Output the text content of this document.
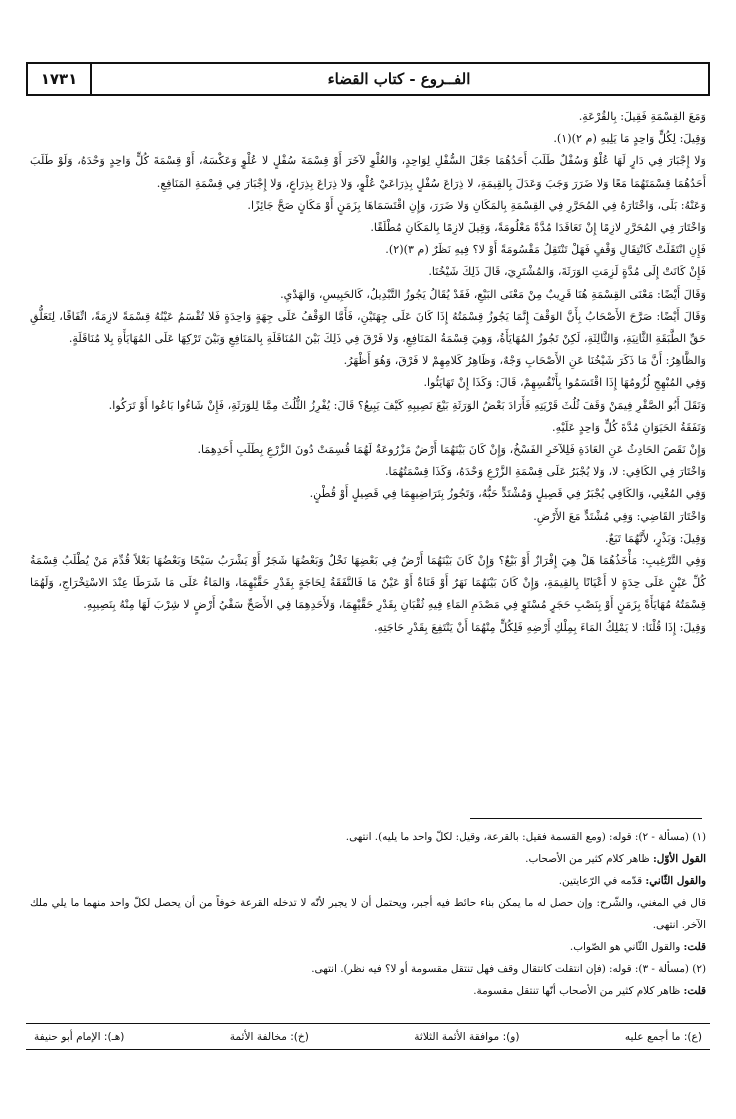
١٧٣١	الفــروع - كتاب القضاء

وَمَعَ القِسْمَةِ فَقِيلَ: بِالقُرْعَةِ.

وَقِيلَ: لِكُلٍّ وَاحِدٍ مَا يَلِيهِ (م ٢)(١).

وَلا إِجْبَارَ فِي دَارٍ لَهَا عُلْوٌ وَسُفْلٌ طَلَبَ أَحَدُهُمَا جَعْلَ السُّفْلِ لِوَاحِدٍ، وَالعُلْوِ لآخَرَ أَوْ قِسْمَةَ سُفْلٍ لا عُلْوٍ وَعَكْسَهُ، أَوْ قِسْمَةَ كُلٍّ وَاحِدٍ وَحْدَهُ، وَلَوْ طَلَبَ أَحَدُهُمَا قِسْمَتَهُمَا مَعًا وَلا ضَرَرَ وَجَبَ وَعَدَلَ بِالقِيمَةِ، لا ذِرَاعَ سُفْلٍ بِذِرَاعَيْ عُلْوٍ، وَلا ذِرَاعَ بِذِرَاعٍ، وَلا إِجْبَارَ فِي قِسْمَةِ المَنَافِعِ.

وَعَنْهُ: بَلَى، وَاخْتَارَهُ فِي المُحَرَّرِ فِي القِسْمَةِ بِالمَكَانِ وَلا ضَرَرَ، وَإِنِ اقْتَسَمَاهَا بِزَمَنٍ أَوْ مَكَانٍ صَحَّ جَائِزًا.

وَاخْتَارَ فِي المُحَرَّرِ لازِمًا إِنْ تَعَاقَدَا مُدَّةً مَعْلُومَةً، وَقِيلَ لازِمًا بِالمَكَانِ مُطْلَقًا.

فَإِنِ انْتَقَلَتْ كَانْتِقَالِ وَقْفٍ فَهَلْ تَنْتَقِلُ مَقْسُومَةً أَوْ لا؟ فِيهِ نَظَرٌ (م ٣)(٢).

فَإِنْ كَانَتْ إِلَى مُدَّةٍ لَزِمَتِ الوَرَثَةَ، وَالمُشْتَرِيَ، قَالَ ذَلِكَ شَيْخُنَا.

وَقَالَ أَيْضًا: مَعْنَى القِسْمَةِ هُنَا قَرِيبٌ مِنْ مَعْنَى البَيْعِ، فَقَدْ يُقَالُ يَجُوزُ التَّبْدِيلُ، كَالحَبِيسِ، وَالهَدْيِ.

وَقَالَ أَيْضًا: صَرَّحَ الأَصْحَابُ بِأَنَّ الوَقْفَ إِنَّمَا يَجُوزُ قِسْمَتُهُ إِذَا كَانَ عَلَى جِهَتَيْنِ، فَأَمَّا الوَقْفُ عَلَى جِهَةٍ وَاحِدَةٍ فَلا تُقْسَمُ عَيْنُهُ قِسْمَةً لازِمَةً، اتِّفَاقًا، لِتَعَلُّقِ حَقِّ الطَّبَقَةِ الثَّانِيَةِ، وَالثَّالِثَةِ، لَكِنْ تَجُوزُ المُهَايَأَةُ، وَهِيَ قِسْمَةُ المَنَافِعِ، وَلا فَرْقَ فِي ذَلِكَ بَيْنَ المُنَاقَلَةِ بِالمَنَافِعِ وَبَيْنَ تَرْكِهَا عَلَى المُهَايَأَةِ بِلا مُنَاقَلَةٍ.

وَالظَّاهِرُ: أَنَّ مَا ذَكَرَ شَيْخُنَا عَنِ الأَصْحَابِ وَجْهٌ، وَظَاهِرُ كَلامِهِمْ لا فَرْقَ، وَهُوَ أَظْهَرُ.

وَفِي المُبْهِجِ لُزُومُهَا إِذَا اقْتَسَمُوا بِأَنْفُسِهِمْ، قَالَ: وَكَذَا إِنْ تَهَايَئُوا.

وَنَقَلَ أَبُو الصَّقْرِ فِيمَنْ وَقَفَ ثُلُثَ قَرْيَتِهِ فَأَرَادَ بَعْضُ الوَرَثَةِ بَيْعَ نَصِيبِهِ كَيْفَ يَبِيعُ؟ قَالَ: يُفْرِزُ الثُّلُثَ مِمَّا لِلوَرَثَةِ، فَإِنْ شَاءُوا بَاعُوا أَوْ تَرَكُوا.

وَنَفَقَةُ الحَيَوَانِ مُدَّةَ كُلٍّ وَاحِدٍ عَلَيْهِ.

وَإِنْ نَقَصَ الحَادِثُ عَنِ العَادَةِ فَلِلآخَرِ الفَسْخُ، وَإِنْ كَانَ بَيْنَهُمَا أَرْضٌ مَزْرُوعَةٌ لَهُمَا قُسِمَتْ دُونَ الزَّرْعِ بِطَلَبِ أَحَدِهِمَا.

وَاخْتَارَ فِي الكَافِي: لا، وَلا يُجْبَرُ عَلَى قِسْمَةِ الزَّرْعِ وَحْدَهُ، وَكَذَا قِسْمَتُهُمَا.

وَفِي المُغْنِي، وَالكَافِي يُجْبَرُ فِي قَصِيلٍ وَمُشْتَدٍّ حَبُّهُ، وَتَجُوزُ بِتَرَاضِيهِمَا فِي قَصِيلٍ أَوْ قُطْنٍ.

وَاخْتَارَ القَاضِي: وَفِي مُشْتَدٍّ مَعَ الأَرْضِ.

وَقِيلَ: وَبَذْرٍ، لأَنَّهُمَا تَبَعٌ.

وَفِي التَّرْغِيبِ: مَأْخَذُهُمَا هَلْ هِيَ إِفْرَازٌ أَوْ بَيْعٌ؟ وَإِنْ كَانَ بَيْنَهُمَا أَرْضٌ فِي بَعْضِهَا نَخْلٌ وَبَعْضُهَا شَجَرٌ أَوْ يَشْرَبُ سَيْحًا وَبَعْضُهَا بَعْلاً قُدِّمَ مَنْ يُطْلَبُ قِسْمَةُ كُلِّ عَيْنٍ عَلَى حِدَةٍ لا أَعْيَانًا بِالقِيمَةِ، وَإِنْ كَانَ بَيْنَهُمَا نَهَرٌ أَوْ قَنَاةٌ أَوْ عَيْنٌ مَا فَالنَّفَقَةُ لِحَاجَةٍ بِقَدْرِ حَقَّيْهِمَا، وَالمَاءُ عَلَى مَا شَرَطَا عِنْدَ الاسْتِخْرَاجِ، وَلَهُمَا قِسْمَتُهُ مُهَايَأَةً بِزَمَنٍ أَوْ بِنَصْبِ حَجَرٍ مُسْتَوٍ فِي مَصْدَمِ المَاءِ فِيهِ ثُقْبَانِ بِقَدْرِ حَقَّيْهِمَا، وَلأَحَدِهِمَا فِي الأَصَحِّ سَقْيُ أَرْضٍ لا شِرْبَ لَهَا مِنْهُ بِنَصِيبِهِ.

وَقِيلَ: إِذَا قُلْنَا: لا يَمْلِكُ المَاءَ بِمِلْكِ أَرْضِهِ فَلِكُلٍّ مِنْهُمَا أَنْ يَنْتَفِعَ بِقَدْرِ حَاجَتِهِ.

(١) (مسألة - ٢): قوله: (ومع القسمة فقيل: بالقرعة، وقيل: لكلّ واحد ما يليه). انتهى.

القول الأوّل: ظاهر كلام كثير من الأصحاب.

والقول الثّاني: قدّمه في الرّعايتين.

قال في المغني، والشّرح: وإن حصل له ما يمكن بناء حائط فيه أجبر، ويحتمل أن لا يجبر لأنّه لا تدخله القرعة خوفاً من أن يحصل لكلّ واحد منهما ما يلي ملك الآخر. انتهى.

قلت: والقول الثّاني هو الصّواب.

(٢) (مسألة - ٣): قوله: (فإن انتقلت كانتقال وقف فهل تنتقل مقسومة أو لا؟ فيه نظر). انتهى.

قلت: ظاهر كلام كثير من الأصحاب أنّها تنتقل مقسومة.

(ع): ما أجمع عليه
(و): موافقة الأئمة الثلاثة
(خ): مخالفة الأئمة
(هـ): الإمام أبو حنيفة
